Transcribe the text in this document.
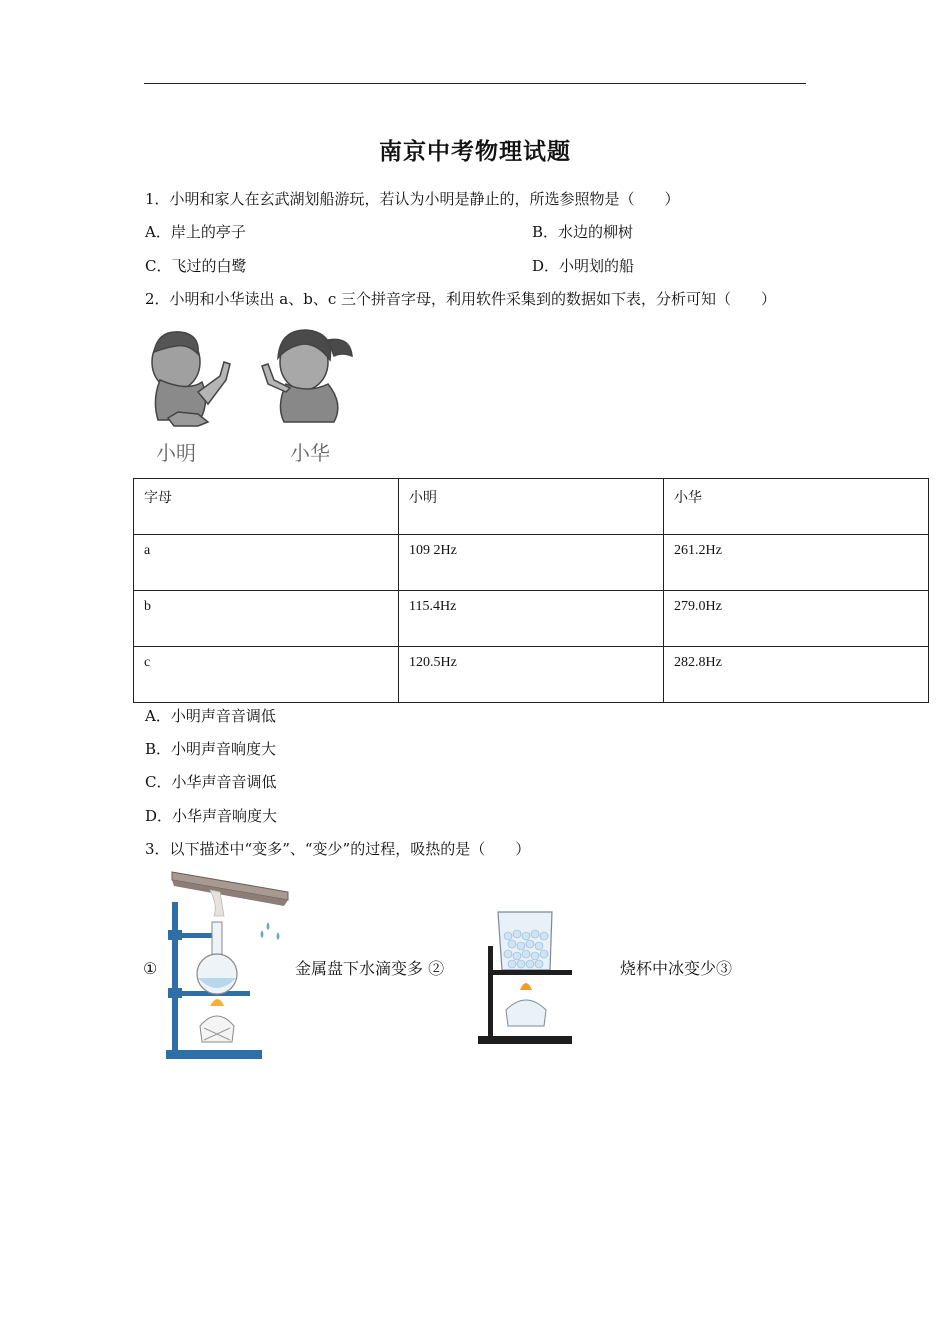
南京中考物理试题
1．小明和家人在玄武湖划船游玩，若认为小明是静止的，所选参照物是（　　）
A．岸上的亭子	B．水边的柳树
C．飞过的白鹭	D．小明划的船
2．小明和小华读出 a、b、c 三个拼音字母，利用软件采集到的数据如下表，分析可知（　　）
小明	小华
字母	小明	小华
a	109 2Hz	261.2Hz
b	115.4Hz	279.0Hz
c	120.5Hz	282.8Hz
A．小明声音音调低
B．小明声音响度大
C．小华声音音调低
D．小华声音响度大
3．以下描述中“变多”、“变少”的过程，吸热的是（　　）
①	金属盘下水滴变多 ②	烧杯中冰变少③
